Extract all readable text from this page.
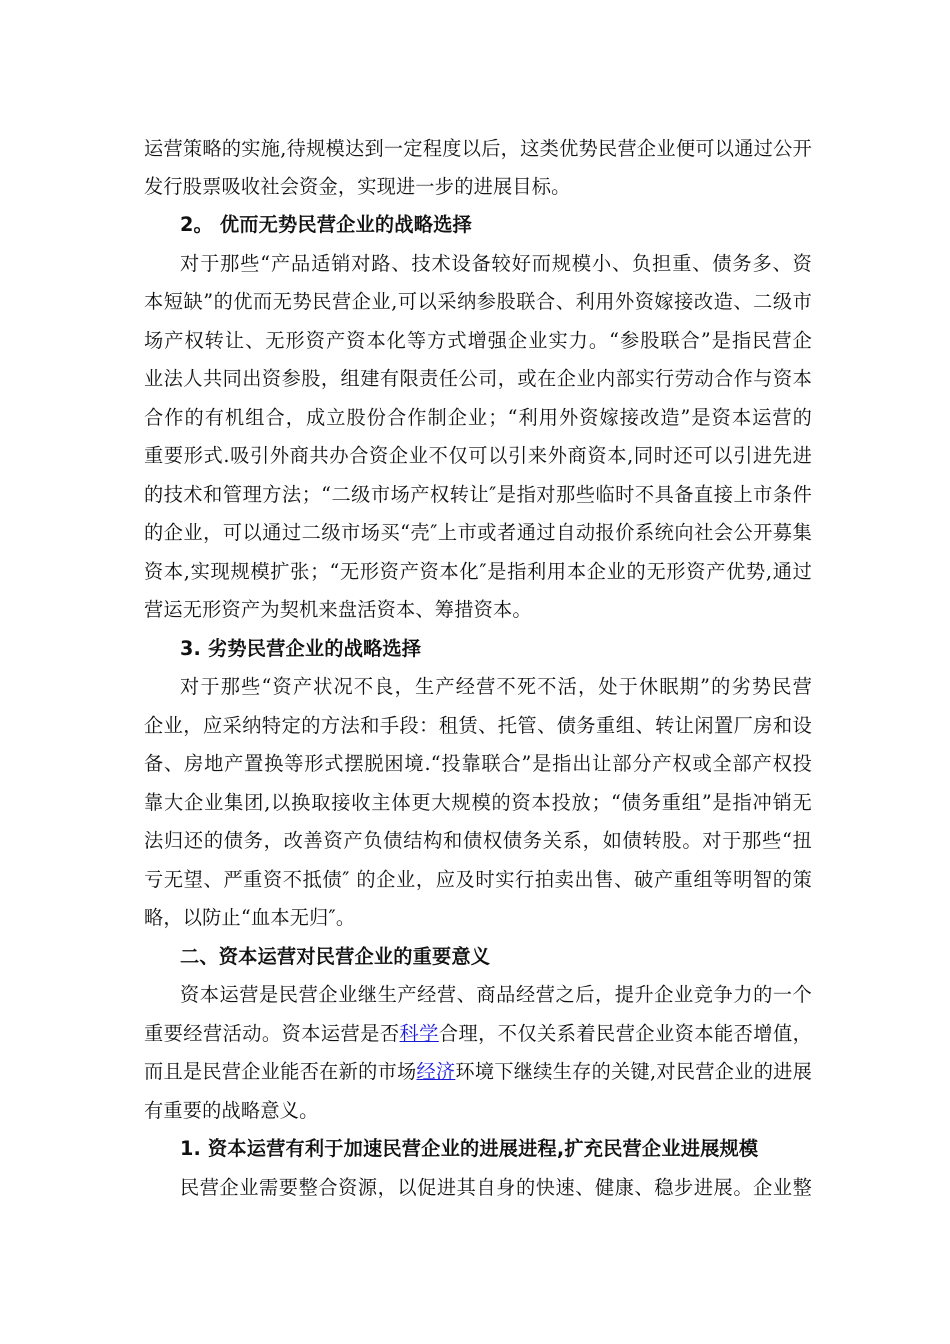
运营策略的实施,待规模达到一定程度以后，这类优势民营企业便可以通过公开
发行股票吸收社会资金，实现进一步的进展目标。
2。 优而无势民营企业的战略选择
对于那些“产品适销对路、技术设备较好而规模小、负担重、债务多、资
本短缺”的优而无势民营企业,可以采纳参股联合、利用外资嫁接改造、二级市
场产权转让、无形资产资本化等方式增强企业实力。“参股联合”是指民营企
业法人共同出资参股，组建有限责任公司，或在企业内部实行劳动合作与资本
合作的有机组合，成立股份合作制企业；“利用外资嫁接改造”是资本运营的
重要形式.吸引外商共办合资企业不仅可以引来外商资本,同时还可以引进先进
的技术和管理方法；“二级市场产权转让″是指对那些临时不具备直接上市条件
的企业，可以通过二级市场买“壳″上市或者通过自动报价系统向社会公开募集
资本,实现规模扩张；“无形资产资本化″是指利用本企业的无形资产优势,通过
营运无形资产为契机来盘活资本、筹措资本。
3. 劣势民营企业的战略选择
对于那些“资产状况不良，生产经营不死不活，处于休眠期”的劣势民营
企业，应采纳特定的方法和手段：租赁、托管、债务重组、转让闲置厂房和设
备、房地产置换等形式摆脱困境.“投靠联合”是指出让部分产权或全部产权投
靠大企业集团,以换取接收主体更大规模的资本投放；“债务重组”是指冲销无
法归还的债务，改善资产负债结构和债权债务关系，如债转股。对于那些“扭
亏无望、严重资不抵债″ 的企业，应及时实行拍卖出售、破产重组等明智的策
略，以防止“血本无归″。
二、资本运营对民营企业的重要意义
资本运营是民营企业继生产经营、商品经营之后，提升企业竞争力的一个
重要经营活动。资本运营是否科学合理，不仅关系着民营企业资本能否增值，
而且是民营企业能否在新的市场经济环境下继续生存的关键,对民营企业的进展
有重要的战略意义。
1. 资本运营有利于加速民营企业的进展进程,扩充民营企业进展规模
民营企业需要整合资源，以促进其自身的快速、健康、稳步进展。企业整
